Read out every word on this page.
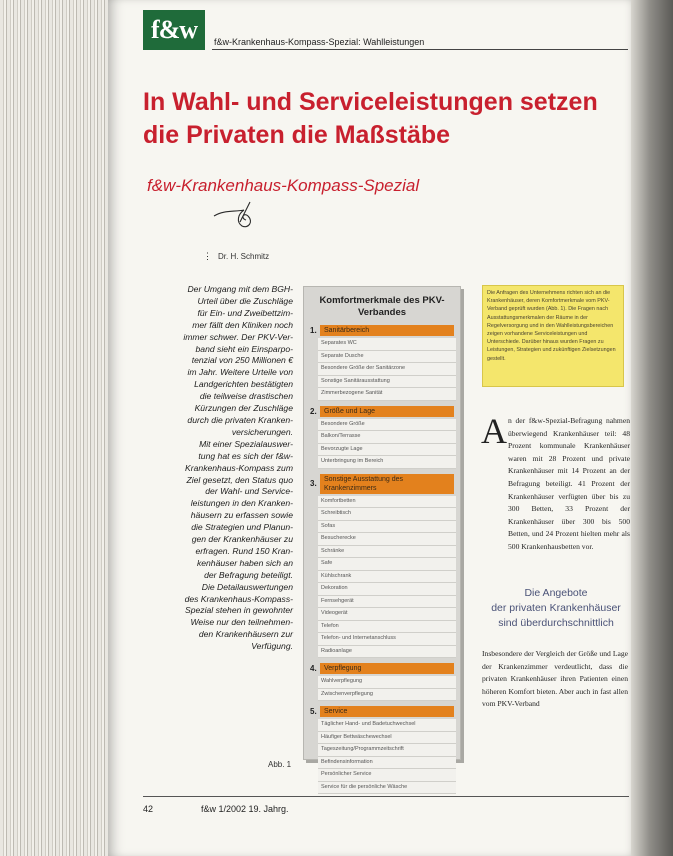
f&w	f&w-Krankenhaus-Kompass-Spezial: Wahlleistungen
In Wahl- und Serviceleistungen setzen die Privaten die Maßstäbe
f&w-Krankenhaus-Kompass-Spezial
⋮ Dr. H. Schmitz

Der Umgang mit dem BGH-
Urteil über die Zuschläge
für Ein- und Zweibettzim-
mer fällt den Kliniken noch
immer schwer. Der PKV-Ver-
band sieht ein Einsparpo-
tenzial von 250 Millionen €
im Jahr. Weitere Urteile von
Landgerichten bestätigten
die teilweise drastischen
Kürzungen der Zuschläge
durch die privaten Kranken-
versicherungen.
Mit einer Spezialauswer-
tung hat es sich der f&w-
Krankenhaus-Kompass zum
Ziel gesetzt, den Status quo
der Wahl- und Service-
leistungen in den Kranken-
häusern zu erfassen sowie
die Strategien und Planun-
gen der Krankenhäuser zu
erfragen. Rund 150 Kran-
kenhäuser haben sich an
der Befragung beteiligt.
Die Detailauswertungen
des Krankenhaus-Kompass-
Spezial stehen in gewohnter
Weise nur den teilnehmen-
den Krankenhäusern zur
Verfügung.

Komfortmerkmale des PKV-Verbandes
1.	Sanitärbereich
Separates WC
Separate Dusche
Besondere Größe der Sanitärzone
Sonstige Sanitärausstattung
Zimmerbezogene Sanität
2.	Größe und Lage
Besondere Größe
Balkon/Terrasse
Bevorzugte Lage
Unterbringung im Bereich
3.	Sonstige Ausstattung des Krankenzimmers
Komfortbetten
Schreibtisch
Sofas
Besucherecke
Schränke
Safe
Kühlschrank
Dekoration
Fernsehgerät
Videogerät
Telefon
Telefon- und Internetanschluss
Radioanlage
4.	Verpflegung
Wahlverpflegung
Zwischenverpflegung
5.	Service
Täglicher Hand- und Badetuchwechsel
Häufiger Bettwäschewechsel
Tageszeitung/Programmzeitschrift
Befindensinformation
Persönlicher Service
Service für die persönliche Wäsche
Abb. 1

Die Anfragen des Unternehmens richten sich an die Krankenhäuser, deren Komfortmerkmale vom PKV-Verband geprüft wurden (Abb. 1). Die Fragen nach Ausstattungsmerkmalen der Räume in der Regelversorgung und in den Wahlleistungsbereichen zeigen vorhandene Serviceleistungen und Unterschiede. Darüber hinaus wurden Fragen zu Leistungen, Strategien und zukünftigen Zielsetzungen gestellt.

A n der f&w-Spezial-Befragung nahmen überwiegend Krankenhäuser teil: 48 Prozent kommunale Krankenhäuser waren mit 28 Prozent und private Krankenhäuser mit 14 Prozent an der Befragung beteiligt. 41 Prozent der Krankenhäuser verfügten über bis zu 300 Betten, 33 Prozent der Krankenhäuser über 300 bis 500 Betten, und 24 Prozent hielten mehr als 500 Krankenhausbetten vor.

Die Angebote
der privaten Krankenhäuser
sind überdurchschnittlich

Insbesondere der Vergleich der Größe und Lage der Krankenzimmer verdeutlicht, dass die privaten Krankenhäuser ihren Patienten einen höheren Komfort bieten. Aber auch in fast allen vom PKV-Verband

42	f&w 1/2002 19. Jahrg.
